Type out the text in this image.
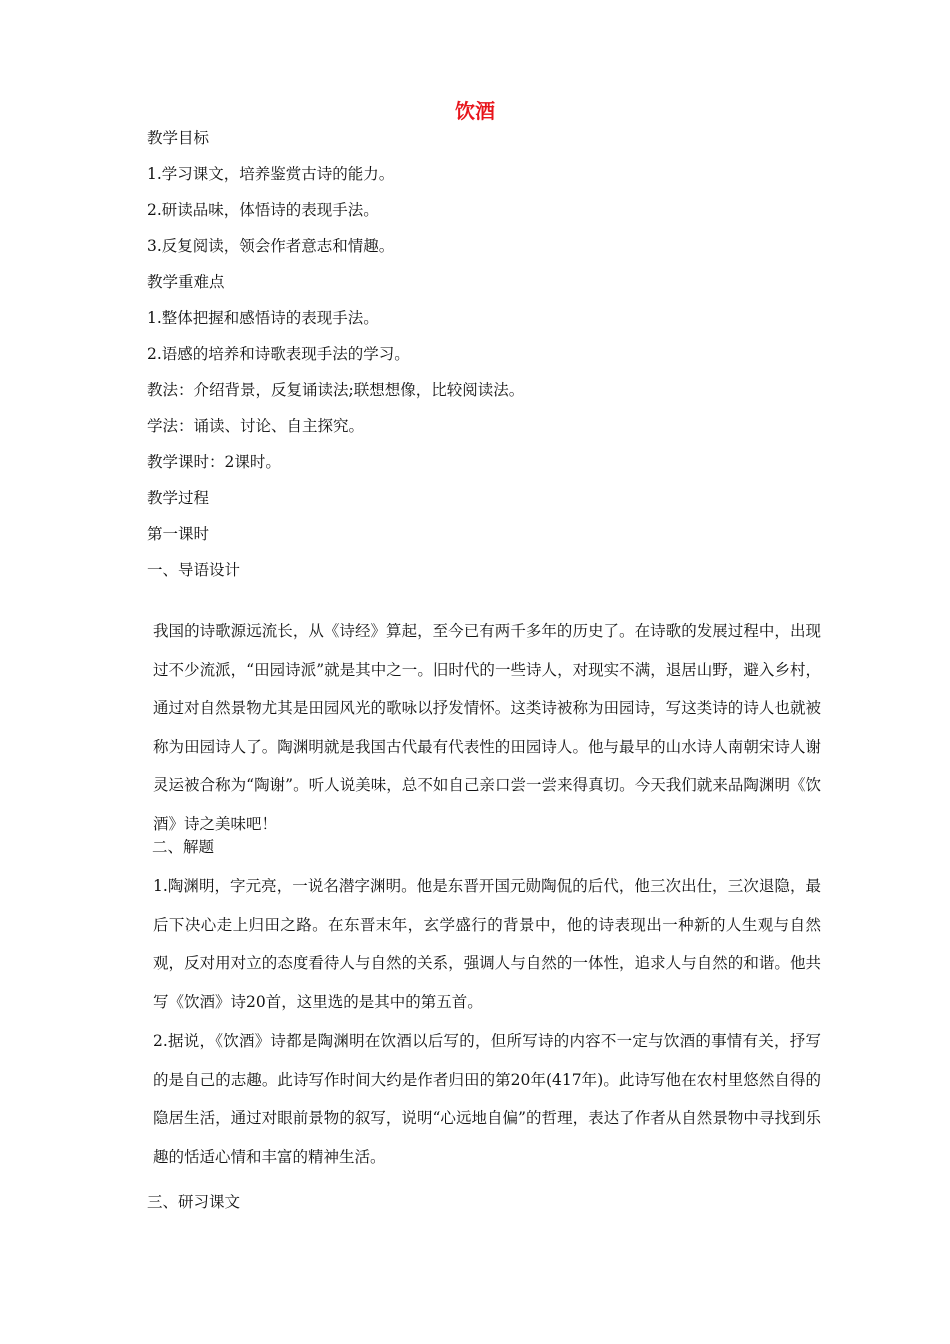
饮酒
教学目标
1.学习课文，培养鉴赏古诗的能力。
2.研读品味，体悟诗的表现手法。
3.反复阅读，领会作者意志和情趣。
教学重难点
1.整体把握和感悟诗的表现手法。
2.语感的培养和诗歌表现手法的学习。
教法：介绍背景，反复诵读法;联想想像，比较阅读法。
学法：诵读、讨论、自主探究。
教学课时：2课时。
教学过程
第一课时
一、导语设计

我国的诗歌源远流长，从《诗经》算起，至今已有两千多年的历史了。在诗歌的发展过程中，出现过不少流派，“田园诗派”就是其中之一。旧时代的一些诗人，对现实不满，退居山野，避入乡村，通过对自然景物尤其是田园风光的歌咏以抒发情怀。这类诗被称为田园诗，写这类诗的诗人也就被称为田园诗人了。陶渊明就是我国古代最有代表性的田园诗人。他与最早的山水诗人南朝宋诗人谢灵运被合称为“陶谢”。听人说美味，总不如自己亲口尝一尝来得真切。今天我们就来品陶渊明《饮酒》诗之美味吧！

二、解题

1.陶渊明，字元亮，一说名潜字渊明。他是东晋开国元勋陶侃的后代，他三次出仕，三次退隐，最后下决心走上归田之路。在东晋末年，玄学盛行的背景中，他的诗表现出一种新的人生观与自然观，反对用对立的态度看待人与自然的关系，强调人与自然的一体性，追求人与自然的和谐。他共写《饮酒》诗20首，这里选的是其中的第五首。

2.据说，《饮酒》诗都是陶渊明在饮酒以后写的，但所写诗的内容不一定与饮酒的事情有关，抒写的是自己的志趣。此诗写作时间大约是作者归田的第20年(417年)。此诗写他在农村里悠然自得的隐居生活，通过对眼前景物的叙写，说明“心远地自偏”的哲理，表达了作者从自然景物中寻找到乐趣的恬适心情和丰富的精神生活。

三、研习课文
